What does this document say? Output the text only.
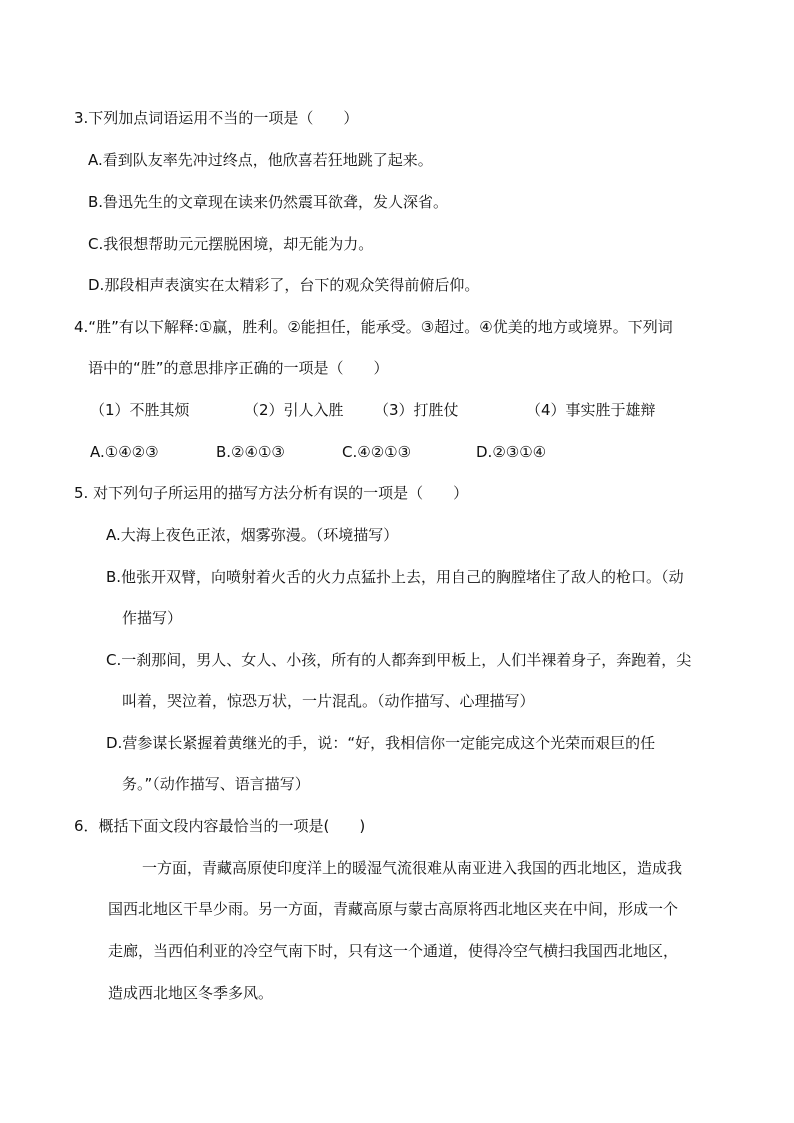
3.下列加点词语运用不当的一项是（　　）
A.看到队友率先冲过终点，他欣喜若狂地跳了起来。
B.鲁迅先生的文章现在读来仍然震耳欲聋，发人深省。
C.我很想帮助元元摆脱困境，却无能为力。
D.那段相声表演实在太精彩了，台下的观众笑得前俯后仰。
4.“胜”有以下解释:①赢，胜利。②能担任，能承受。③超过。④优美的地方或境界。下列词
语中的“胜”的意思排序正确的一项是（　　）
（1）不胜其烦	（2）引人入胜 （3）打胜仗	（4）事实胜于雄辩
A.①④②③	B.②④①③	C.④②①③	D.②③①④
5. 对下列句子所运用的描写方法分析有误的一项是（　　）
A.大海上夜色正浓，烟雾弥漫。（环境描写）
B.他张开双臂，向喷射着火舌的火力点猛扑上去，用自己的胸膛堵住了敌人的枪口。（动
作描写）
C.一刹那间，男人、女人、小孩，所有的人都奔到甲板上，人们半裸着身子，奔跑着，尖
叫着，哭泣着，惊恐万状，一片混乱。（动作描写、心理描写）
D.营参谋长紧握着黄继光的手，说：“好，我相信你一定能完成这个光荣而艰巨的任
务。”（动作描写、语言描写）
6．概括下面文段内容最恰当的一项是(　　)
一方面，青藏高原使印度洋上的暖湿气流很难从南亚进入我国的西北地区，造成我
国西北地区干旱少雨。另一方面，青藏高原与蒙古高原将西北地区夹在中间，形成一个
走廊，当西伯利亚的冷空气南下时，只有这一个通道，使得冷空气横扫我国西北地区，
造成西北地区冬季多风。
